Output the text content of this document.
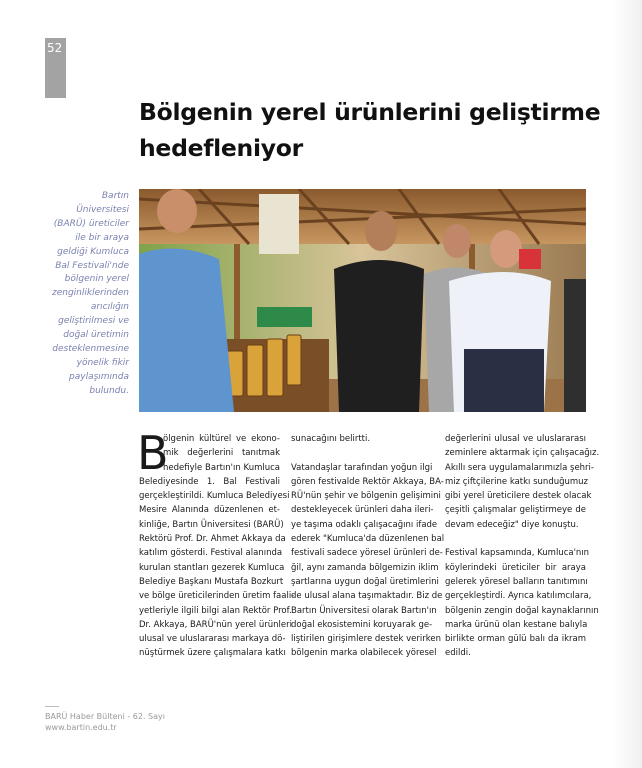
52
Bölgenin yerel ürünlerini geliştirme
hedefleniyor
Bartın
Üniversitesi
(BARÜ) üreticiler
ile bir araya
geldiği Kumluca
Bal Festivali'nde
bölgenin yerel
zenginliklerinden
arıcılığın
geliştirilmesi ve
doğal üretimin
desteklenmesine
yönelik fikir
paylaşımında
bulundu.
B
ölgenin kültürel ve ekono-
mik değerlerini tanıtmak
hedefiyle Bartın'ın Kumluca
Belediyesinde 1. Bal Festivali
gerçekleştirildi. Kumluca Belediyesi
Mesire Alanında düzenlenen et-
kinliğe, Bartın Üniversitesi (BARÜ)
Rektörü Prof. Dr. Ahmet Akkaya da
katılım gösterdi. Festival alanında
kurulan stantları gezerek Kumluca
Belediye Başkanı Mustafa Bozkurt
ve bölge üreticilerinden üretim faali-
yetleriyle ilgili bilgi alan Rektör Prof.
Dr. Akkaya, BARÜ'nün yerel ürünleri
ulusal ve uluslararası markaya dö-
nüştürmek üzere çalışmalara katkı
sunacağını belirtti.
Vatandaşlar tarafından yoğun ilgi
gören festivalde Rektör Akkaya, BA-
RÜ'nün şehir ve bölgenin gelişimini
destekleyecek ürünleri daha ileri-
ye taşıma odaklı çalışacağını ifade
ederek "Kumluca'da düzenlenen bal
festivali sadece yöresel ürünleri de-
ğil, aynı zamanda bölgemizin iklim
şartlarına uygun doğal üretimlerini
de ulusal alana taşımaktadır. Biz de
Bartın Üniversitesi olarak Bartın'ın
doğal ekosistemini koruyarak ge-
liştirilen girişimlere destek verirken
bölgenin marka olabilecek yöresel
değerlerini ulusal ve uluslararası
zeminlere aktarmak için çalışacağız.
Akıllı sera uygulamalarımızla şehri-
miz çiftçilerine katkı sunduğumuz
gibi yerel üreticilere destek olacak
çeşitli çalışmalar geliştirmeye de
devam edeceğiz" diye konuştu.
Festival kapsamında, Kumluca'nın
köylerindeki üreticiler bir araya
gelerek yöresel balların tanıtımını
gerçekleştirdi. Ayrıca katılımcılara,
bölgenin zengin doğal kaynaklarının
marka ürünü olan kestane balıyla
birlikte orman gülü balı da ikram
edildi.
BARÜ Haber Bülteni - 62. Sayı
www.bartin.edu.tr
